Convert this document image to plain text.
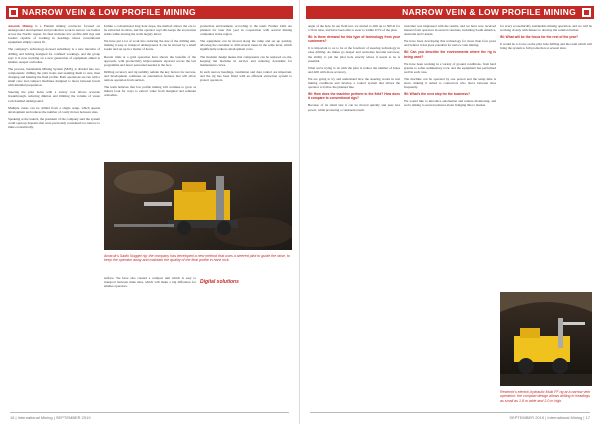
NARROW VEIN & LOW PROFILE MINING

Amaruk Mining is a Finnish mining contractor focused on underground development and production work in narrow ore bodies across the Nordic region. Its fleet includes low profile drill rigs and loaders capable of working in headings where conventional equipment simply cannot fit.

The company's technology-focused subsidiary is a new iteration of drilling and bolting designed for confined workings, and the group says it is now working on a new generation of equipment aimed at smaller, steeper orebodies.

The process, Sustainable Mining System (SMS), is divided into two components: drilling the pilot holes and reaming them to size, then charging and blasting the final profile. Both operations are run with a small crew and compact machines designed to move between levels with minimal preparation.

Steering the pilot holes with a survey tool allows accurate breakthrough, reducing dilution and limiting the volume of waste rock handled underground.

Multiple raises can be drilled from a single setup, which speeds development and reduces the number of costly moves between sites.

Speaking at the launch, the president of the company said the system could open up deposits that were previously considered too narrow to mine economically.

Unlike a conventional long hole stope, the method allows the ore to be extracted in slices, and the operator says this keeps the excavation stable while leaving the walls largely intact.

We have put a lot of work into reducing the size of the drilling unit, making it easy to transport underground. It can be moved by a small loader and set up in a matter of hours.

Recent trials at a gold operation have shown the benefits of the approach, with productivity improvements reported across the test programme and fewer personnel needed at the face.

Drilling accuracy and rig stability remain the key factors for success, and development continues on automation features that will allow remote operation from surface.

The team believes that low profile mining will continue to grow as miners look for ways to extract value from marginal and remnant orebodies.

production environment, according to the team. Further trials are planned for later this year in cooperation with several mining companies in the region.

The equipment can be moved along the ramp and set up quickly, allowing the customer to drill several raises in the same level, which significantly reduces development costs.

The modular design means that components can be replaced on site, keeping the machine in service and reducing downtime for maintenance crews.

In such narrow headings, ventilation and dust control are important, and the rig has been fitted with an efficient extraction system to protect operators.

Amaruk's Sadio Nugget rig: the company has developed a new method that uses a steered pilot to guide the raise, to keep the operator away and maintain the quality of the final profile in hard rock.

surface. We have also created a compact unit which is easy to transport between mine sites, which will make a big difference for smaller operators.

Digital solutions
16 | International Mining | SEPTEMBER 2019
NARROW VEIN & LOW PROFILE MINING

angle of the hole. In our field test, we started to drill up to 300 m for a 50 m raise, and have been able to steer to within 0.5% of the plan.

IM: Is there demand for this type of technology from your customers?

It is important to us to be at the forefront of steering technology in raise drilling. As mines go deeper and orebodies become narrower, the ability to put the pilot hole exactly where it needs to be is essential.

What we're trying to do with the pilot is reduce the number of holes and drill with more accuracy.

We are going to try and understand how the steering works in real mining conditions and develop a control system that allows the operator to follow the planned line.

IM: How does the machine perform in the field? How does it compare to conventional rigs?

Because of its small size it can be moved quickly and uses less power, while producing a consistent result.

customer was impressed with the results, and we have now received interest from operators in several countries, including South America, Australia and Canada.

We have been developing this technology for more than four years and believe it has great potential for narrow vein mining.

IM: Can you describe the environments where the rig is being used?

We have been working in a variety of ground conditions, from hard granite to softer sedimentary rock, and the equipment has performed well in each case.

The machine can be operated by one person and the setup time is short, making it suited to contractors who move between sites frequently.

IM: What's the next step for the business?

We would like to introduce automation and remote monitoring, and we're talking to several partners about bringing this to market.

for every economically sustainable mining operation, and we will be working closely with miners to develop the solution further.

IM: What will be the focus for the rest of the year?

It would be to focus on the pilot hole drilling and the ream which will bring the system to full production at several sites.

Resemin's electric-hydraulic Muki FF rig at a narrow vein operation: the compact design allows drilling in headings as small as 1.8 m wide and 2.0 m high.
SEPTEMBER 2019 | International Mining | 17
